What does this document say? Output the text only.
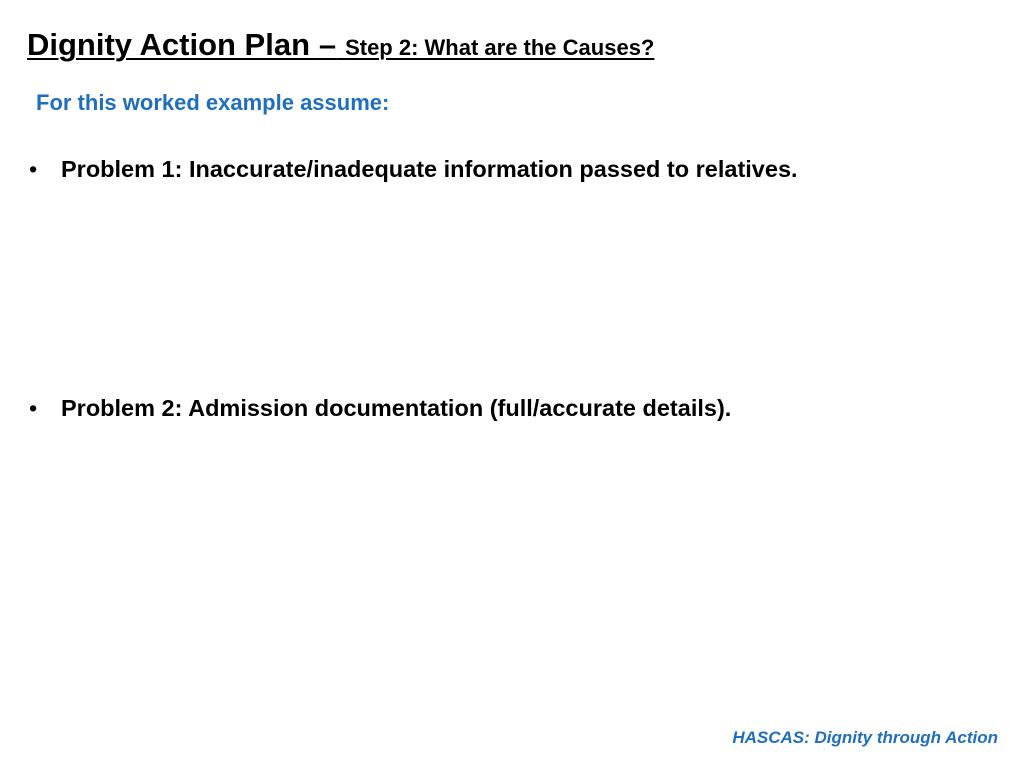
Dignity Action Plan – Step 2: What are the Causes?

For this worked example assume:

• Problem 1: Inaccurate/inadequate information passed to relatives.
• Problem 2: Admission documentation (full/accurate details).

HASCAS: Dignity through Action
